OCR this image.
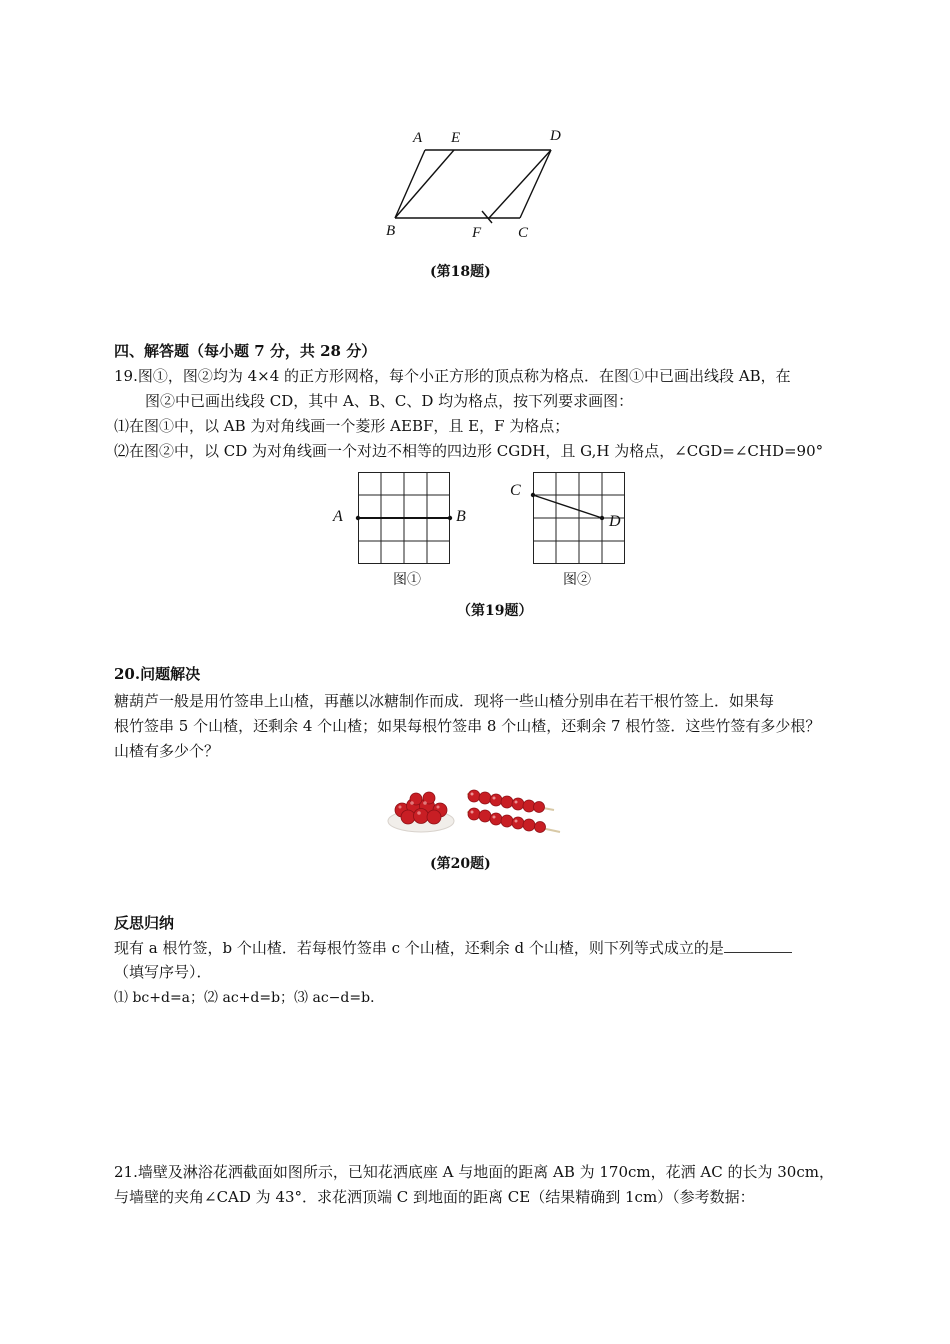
A E	D
B	F C
(第18题)
四、解答题（每小题 7 分，共 28 分）
19.图①，图②均为 4×4 的正方形网格，每个小正方形的顶点称为格点．在图①中已画出线段 AB，在
图②中已画出线段 CD，其中 A、B、C、D 均为格点，按下列要求画图：
⑴在图①中，以 AB 为对角线画一个菱形 AEBF，且 E，F 为格点；
⑵在图②中，以 CD 为对角线画一个对边不相等的四边形 CGDH，且 G,H 为格点，∠CGD=∠CHD=90°
A	B
图①
C
D
图②
（第19题）
20.问题解决
糖葫芦一般是用竹签串上山楂，再蘸以冰糖制作而成．现将一些山楂分别串在若干根竹签上．如果每
根竹签串 5 个山楂，还剩余 4 个山楂；如果每根竹签串 8 个山楂，还剩余 7 根竹签．这些竹签有多少根？
山楂有多少个？
(第20题)
反思归纳
现有 a 根竹签，b 个山楂．若每根竹签串 c 个山楂，还剩余 d 个山楂，则下列等式成立的是
（填写序号）．
⑴ bc+d=a；⑵ ac+d=b；⑶ ac−d=b．
21.墙壁及淋浴花洒截面如图所示，已知花洒底座 A 与地面的距离 AB 为 170cm，花洒 AC 的长为 30cm，
与墙壁的夹角∠CAD 为 43°．求花洒顶端 C 到地面的距离 CE（结果精确到 1cm）（参考数据：
